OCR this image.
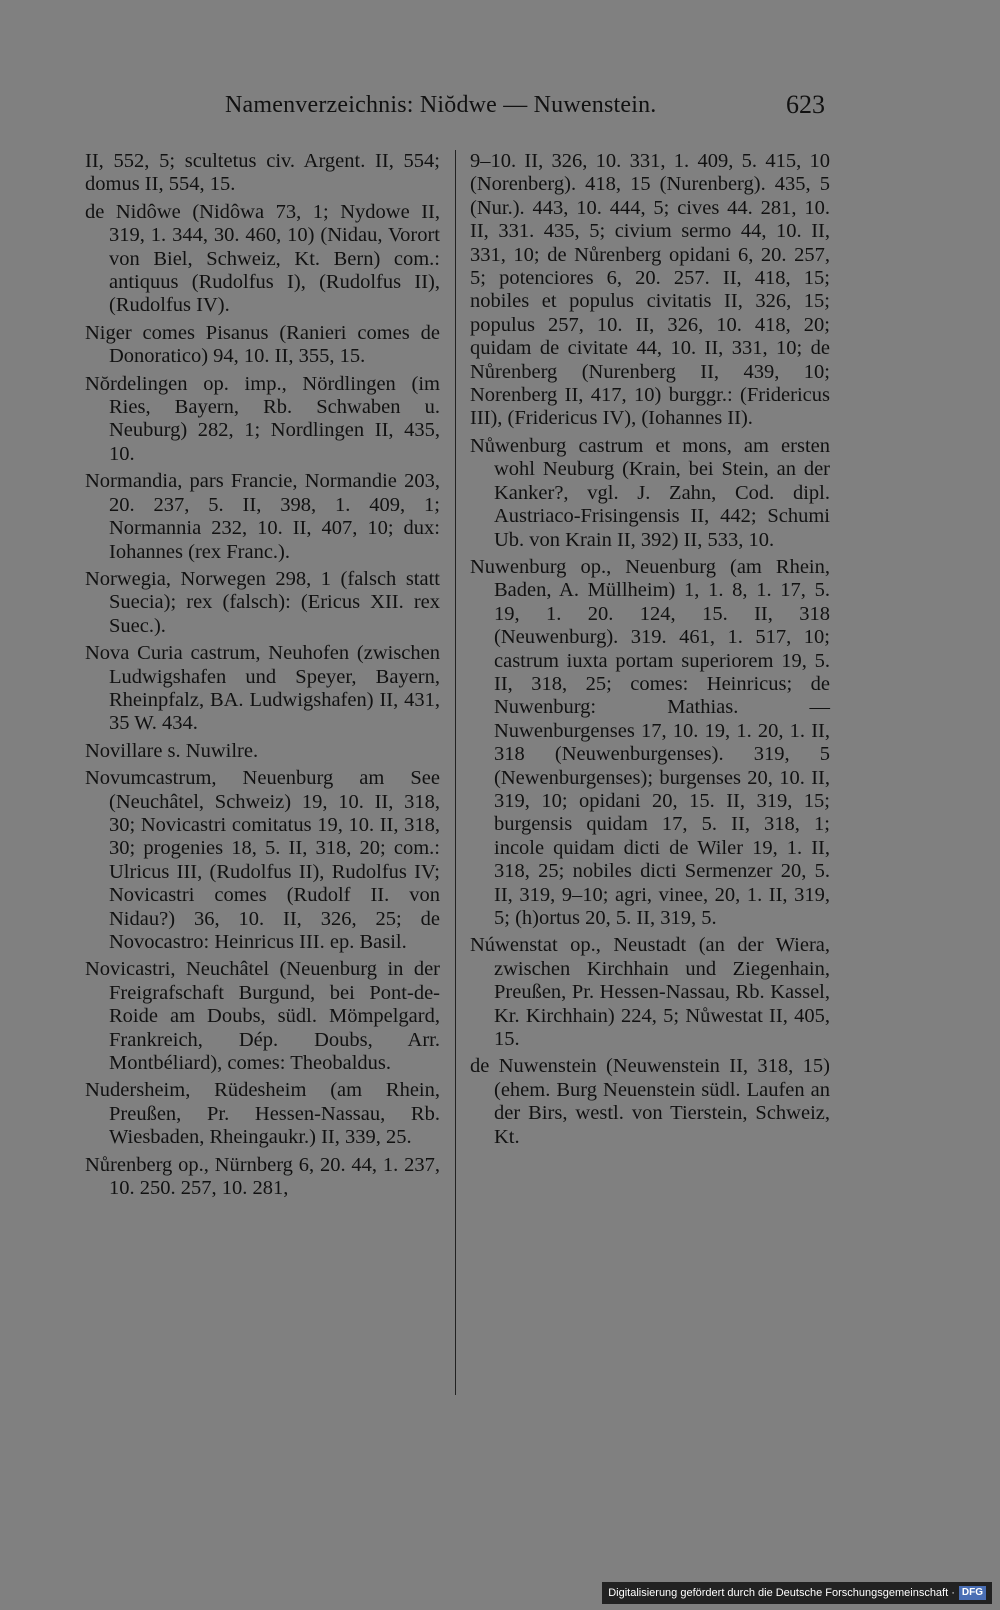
Namenverzeichnis: Niŏdwe — Nuwenstein.	623

II, 552, 5; scultetus civ. Argent. II, 554; domus II, 554, 15.

de Nidôwe (Nidôwa 73, 1; Nydowe II, 319, 1. 344, 30. 460, 10) (Nidau, Vorort von Biel, Schweiz, Kt. Bern) com.: antiquus (Rudolfus I), (Rudolfus II), (Rudolfus IV).

Niger comes Pisanus (Ranieri comes de Donoratico) 94, 10. II, 355, 15.

Nŏrdelingen op. imp., Nördlingen (im Ries, Bayern, Rb. Schwaben u. Neuburg) 282, 1; Nordlingen II, 435, 10.

Normandia, pars Francie, Normandie 203, 20. 237, 5. II, 398, 1. 409, 1; Normannia 232, 10. II, 407, 10; dux: Iohannes (rex Franc.).

Norwegia, Norwegen 298, 1 (falsch statt Suecia); rex (falsch): (Ericus XII. rex Suec.).

Nova Curia castrum, Neuhofen (zwischen Ludwigshafen und Speyer, Bayern, Rheinpfalz, BA. Ludwigshafen) II, 431, 35 W. 434.

Novillare s. Nuwilre.

Novumcastrum, Neuenburg am See (Neuchâtel, Schweiz) 19, 10. II, 318, 30; Novicastri comitatus 19, 10. II, 318, 30; progenies 18, 5. II, 318, 20; com.: Ulricus III, (Rudolfus II), Rudolfus IV; Novicastri comes (Rudolf II. von Nidau?) 36, 10. II, 326, 25; de Novocastro: Heinricus III. ep. Basil.

Novicastri, Neuchâtel (Neuenburg in der Freigrafschaft Burgund, bei Pont-de-Roide am Doubs, südl. Mömpelgard, Frankreich, Dép. Doubs, Arr. Montbéliard), comes: Theobaldus.

Nudersheim, Rüdesheim (am Rhein, Preußen, Pr. Hessen-Nassau, Rb. Wiesbaden, Rheingaukr.) II, 339, 25.

Nůrenberg op., Nürnberg 6, 20. 44, 1. 237, 10. 250. 257, 10. 281,

9–10. II, 326, 10. 331, 1. 409, 5. 415, 10 (Norenberg). 418, 15 (Nurenberg). 435, 5 (Nur.). 443, 10. 444, 5; cives 44. 281, 10. II, 331. 435, 5; civium sermo 44, 10. II, 331, 10; de Nůrenberg opidani 6, 20. 257, 5; potenciores 6, 20. 257. II, 418, 15; nobiles et populus civitatis II, 326, 15; populus 257, 10. II, 326, 10. 418, 20; quidam de civitate 44, 10. II, 331, 10; de Nůrenberg (Nurenberg II, 439, 10; Norenberg II, 417, 10) burggr.: (Fridericus III), (Fridericus IV), (Iohannes II).

Nůwenburg castrum et mons, am ersten wohl Neuburg (Krain, bei Stein, an der Kanker?, vgl. J. Zahn, Cod. dipl. Austriaco-Frisingensis II, 442; Schumi Ub. von Krain II, 392) II, 533, 10.

Nuwenburg op., Neuenburg (am Rhein, Baden, A. Müllheim) 1, 1. 8, 1. 17, 5. 19, 1. 20. 124, 15. II, 318 (Neuwenburg). 319. 461, 1. 517, 10; castrum iuxta portam superiorem 19, 5. II, 318, 25; comes: Heinricus; de Nuwenburg: Mathias. — Nuwenburgenses 17, 10. 19, 1. 20, 1. II, 318 (Neuwenburgenses). 319, 5 (Newenburgenses); burgenses 20, 10. II, 319, 10; opidani 20, 15. II, 319, 15; burgensis quidam 17, 5. II, 318, 1; incole quidam dicti de Wiler 19, 1. II, 318, 25; nobiles dicti Sermenzer 20, 5. II, 319, 9–10; agri, vinee, 20, 1. II, 319, 5; (h)ortus 20, 5. II, 319, 5.

Núwenstat op., Neustadt (an der Wiera, zwischen Kirchhain und Ziegenhain, Preußen, Pr. Hessen-Nassau, Rb. Kassel, Kr. Kirchhain) 224, 5; Nůwestat II, 405, 15.

de Nuwenstein (Neuwenstein II, 318, 15) (ehem. Burg Neuenstein südl. Laufen an der Birs, westl. von Tierstein, Schweiz, Kt.

Digitalisierung gefördert durch die Deutsche Forschungsgemeinschaft · DFG
